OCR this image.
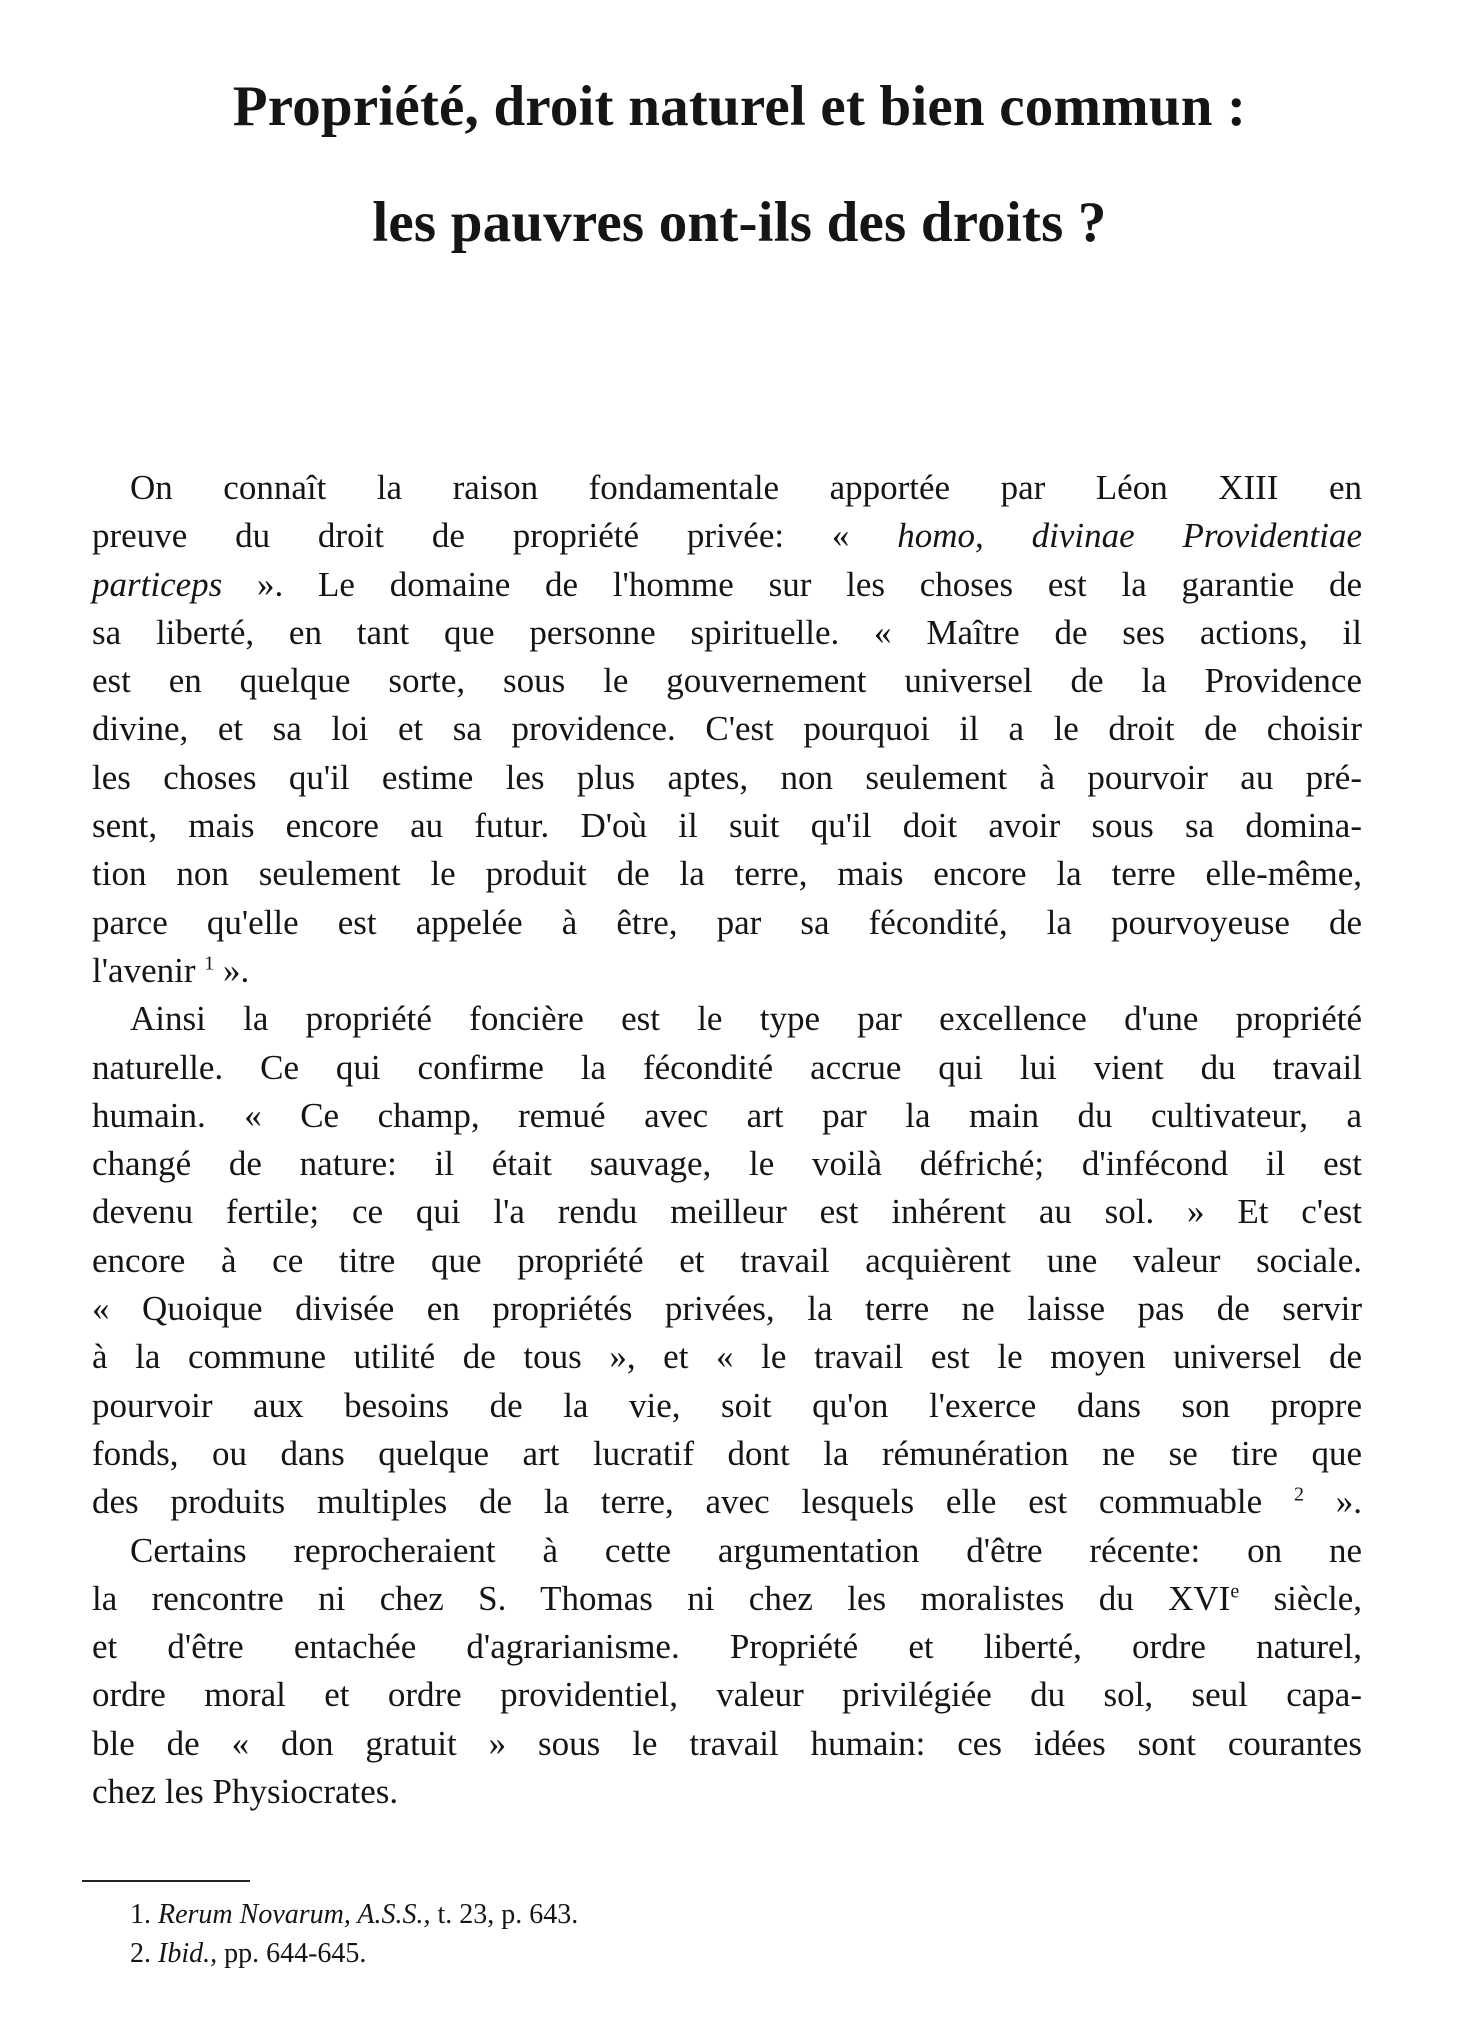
Propriété, droit naturel et bien commun :
les pauvres ont-ils des droits ?
On connaît la raison fondamentale apportée par Léon XIII en
preuve du droit de propriété privée: « homo, divinae Providentiae
particeps ». Le domaine de l'homme sur les choses est la garantie de
sa liberté, en tant que personne spirituelle. « Maître de ses actions, il
est en quelque sorte, sous le gouvernement universel de la Providence
divine, et sa loi et sa providence. C'est pourquoi il a le droit de choisir
les choses qu'il estime les plus aptes, non seulement à pourvoir au pré-
sent, mais encore au futur. D'où il suit qu'il doit avoir sous sa domina-
tion non seulement le produit de la terre, mais encore la terre elle-même,
parce qu'elle est appelée à être, par sa fécondité, la pourvoyeuse de
l'avenir $^1$ ».
Ainsi la propriété foncière est le type par excellence d'une propriété
naturelle. Ce qui confirme la fécondité accrue qui lui vient du travail
humain. « Ce champ, remué avec art par la main du cultivateur, a
changé de nature: il était sauvage, le voilà défriché; d'infécond il est
devenu fertile; ce qui l'a rendu meilleur est inhérent au sol. » Et c'est
encore à ce titre que propriété et travail acquièrent une valeur sociale.
« Quoique divisée en propriétés privées, la terre ne laisse pas de servir
à la commune utilité de tous », et « le travail est le moyen universel de
pourvoir aux besoins de la vie, soit qu'on l'exerce dans son propre
fonds, ou dans quelque art lucratif dont la rémunération ne se tire que
des produits multiples de la terre, avec lesquels elle est commuable $^2$ ».
Certains reprocheraient à cette argumentation d'être récente: on ne
la rencontre ni chez S. Thomas ni chez les moralistes du XVIe siècle,
et d'être entachée d'agrarianisme. Propriété et liberté, ordre naturel,
ordre moral et ordre providentiel, valeur privilégiée du sol, seul capa-
ble de « don gratuit » sous le travail humain: ces idées sont courantes
chez les Physiocrates.
1. Rerum Novarum, A.S.S., t. 23, p. 643.
2. Ibid., pp. 644-645.
